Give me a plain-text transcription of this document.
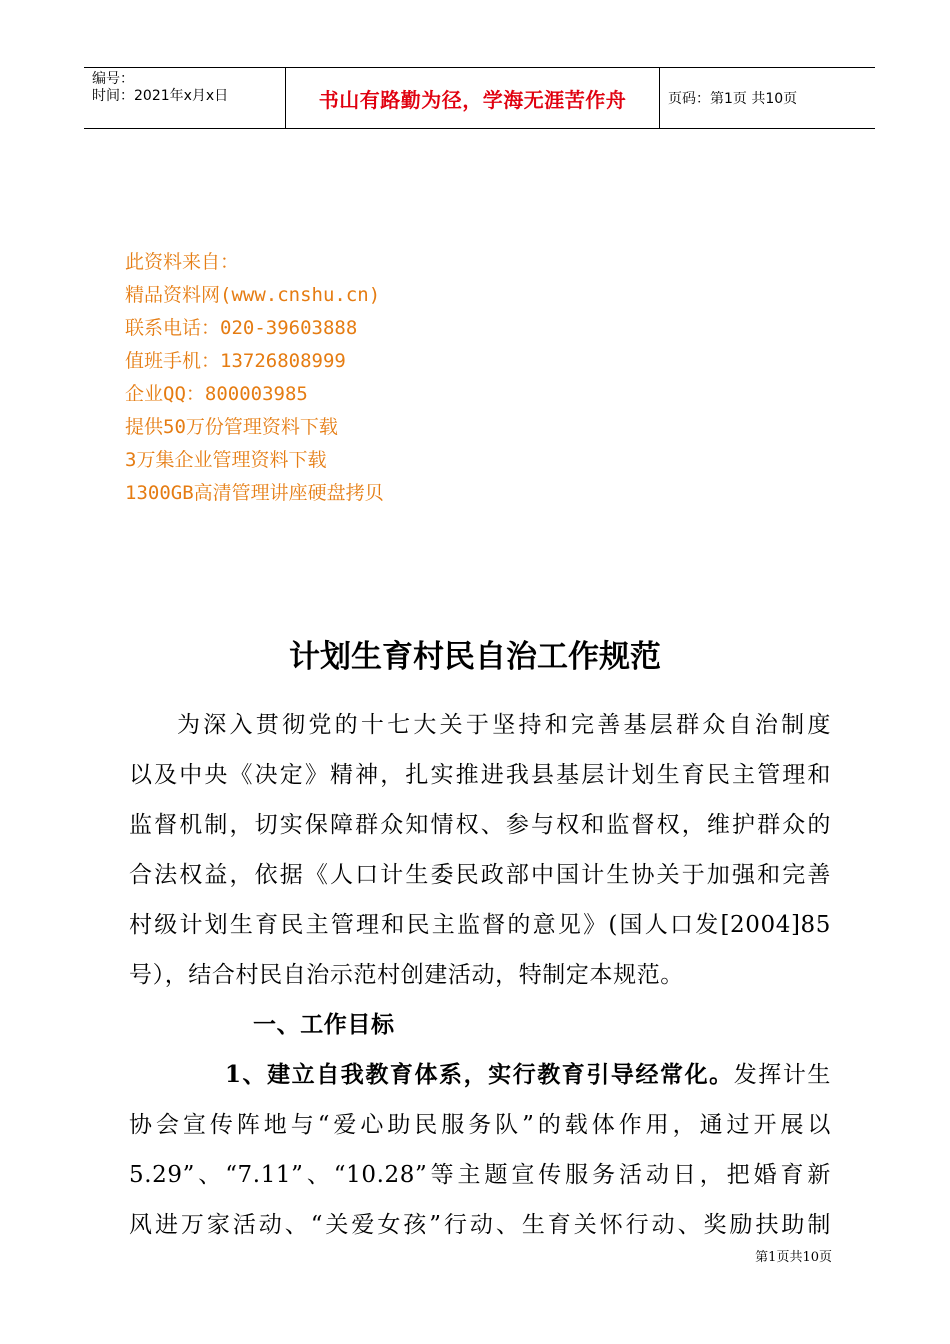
编号：
时间：2021年x月x日	书山有路勤为径，学海无涯苦作舟	页码：第1页 共10页
此资料来自：
精品资料网(www.cnshu.cn)
联系电话：020-39603888
值班手机：13726808999
企业QQ：800003985
提供50万份管理资料下载
3万集企业管理资料下载
1300GB高清管理讲座硬盘拷贝
计划生育村民自治工作规范
为深入贯彻党的十七大关于坚持和完善基层群众自治制度
以及中央《决定》精神，扎实推进我县基层计划生育民主管理和
监督机制，切实保障群众知情权、参与权和监督权，维护群众的
合法权益，依据《人口计生委民政部中国计生协关于加强和完善
村级计划生育民主管理和民主监督的意见》(国人口发[2004]85
号），结合村民自治示范村创建活动，特制定本规范。
一、工作目标
1、建立自我教育体系，实行教育引导经常化。发挥计生
协会宣传阵地与“爱心助民服务队”的载体作用，通过开展以
5.29”、“7.11”、“10.28”等主题宣传服务活动日，把婚育新
风进万家活动、“关爱女孩”行动、生育关怀行动、奖励扶助制
第1页共10页
